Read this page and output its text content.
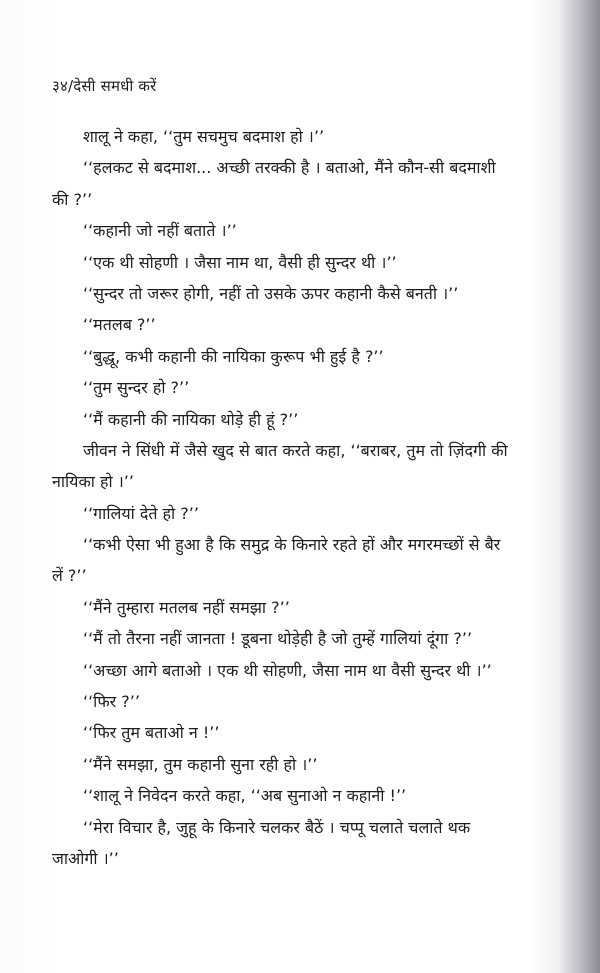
३४/देसी समधी करें
शालू ने कहा, ‘‘तुम सचमुच बदमाश हो ।’’
‘‘हलकट से बदमाश... अच्छी तरक्की है । बताओ, मैंने कौन-सी बदमाशी
की ?’’
‘‘कहानी जो नहीं बताते ।’’
‘‘एक थी सोहणी । जैसा नाम था, वैसी ही सुन्दर थी ।’’
‘‘सुन्दर तो जरूर होगी, नहीं तो उसके ऊपर कहानी कैसे बनती ।’’
‘‘मतलब ?’’
‘‘बुद्धू, कभी कहानी की नायिका कुरूप भी हुई है ?’’
‘‘तुम सुन्दर हो ?’’
‘‘मैं कहानी की नायिका थोड़े ही हूं ?’’
जीवन ने सिंधी में जैसे खुद से बात करते कहा, ‘‘बराबर, तुम तो ज़िंदगी की
नायिका हो ।’’
‘‘गालियां देते हो ?’’
‘‘कभी ऐसा भी हुआ है कि समुद्र के किनारे रहते हों और मगरमच्छों से बैर
लें ?’’
‘‘मैंने तुम्हारा मतलब नहीं समझा ?’’
‘‘मैं तो तैरना नहीं जानता ! डूबना थोड़ेही है जो तुम्हें गालियां दूंगा ?’’
‘‘अच्छा आगे बताओ । एक थी सोहणी, जैसा नाम था वैसी सुन्दर थी ।’’
‘‘फिर ?’’
‘‘फिर तुम बताओ न !’’
‘‘मैंने समझा, तुम कहानी सुना रही हो ।’’
‘‘शालू ने निवेदन करते कहा, ‘‘अब सुनाओ न कहानी !’’
‘‘मेरा विचार है, जुहू के किनारे चलकर बैठें । चप्पू चलाते चलाते थक
जाओगी ।’’
